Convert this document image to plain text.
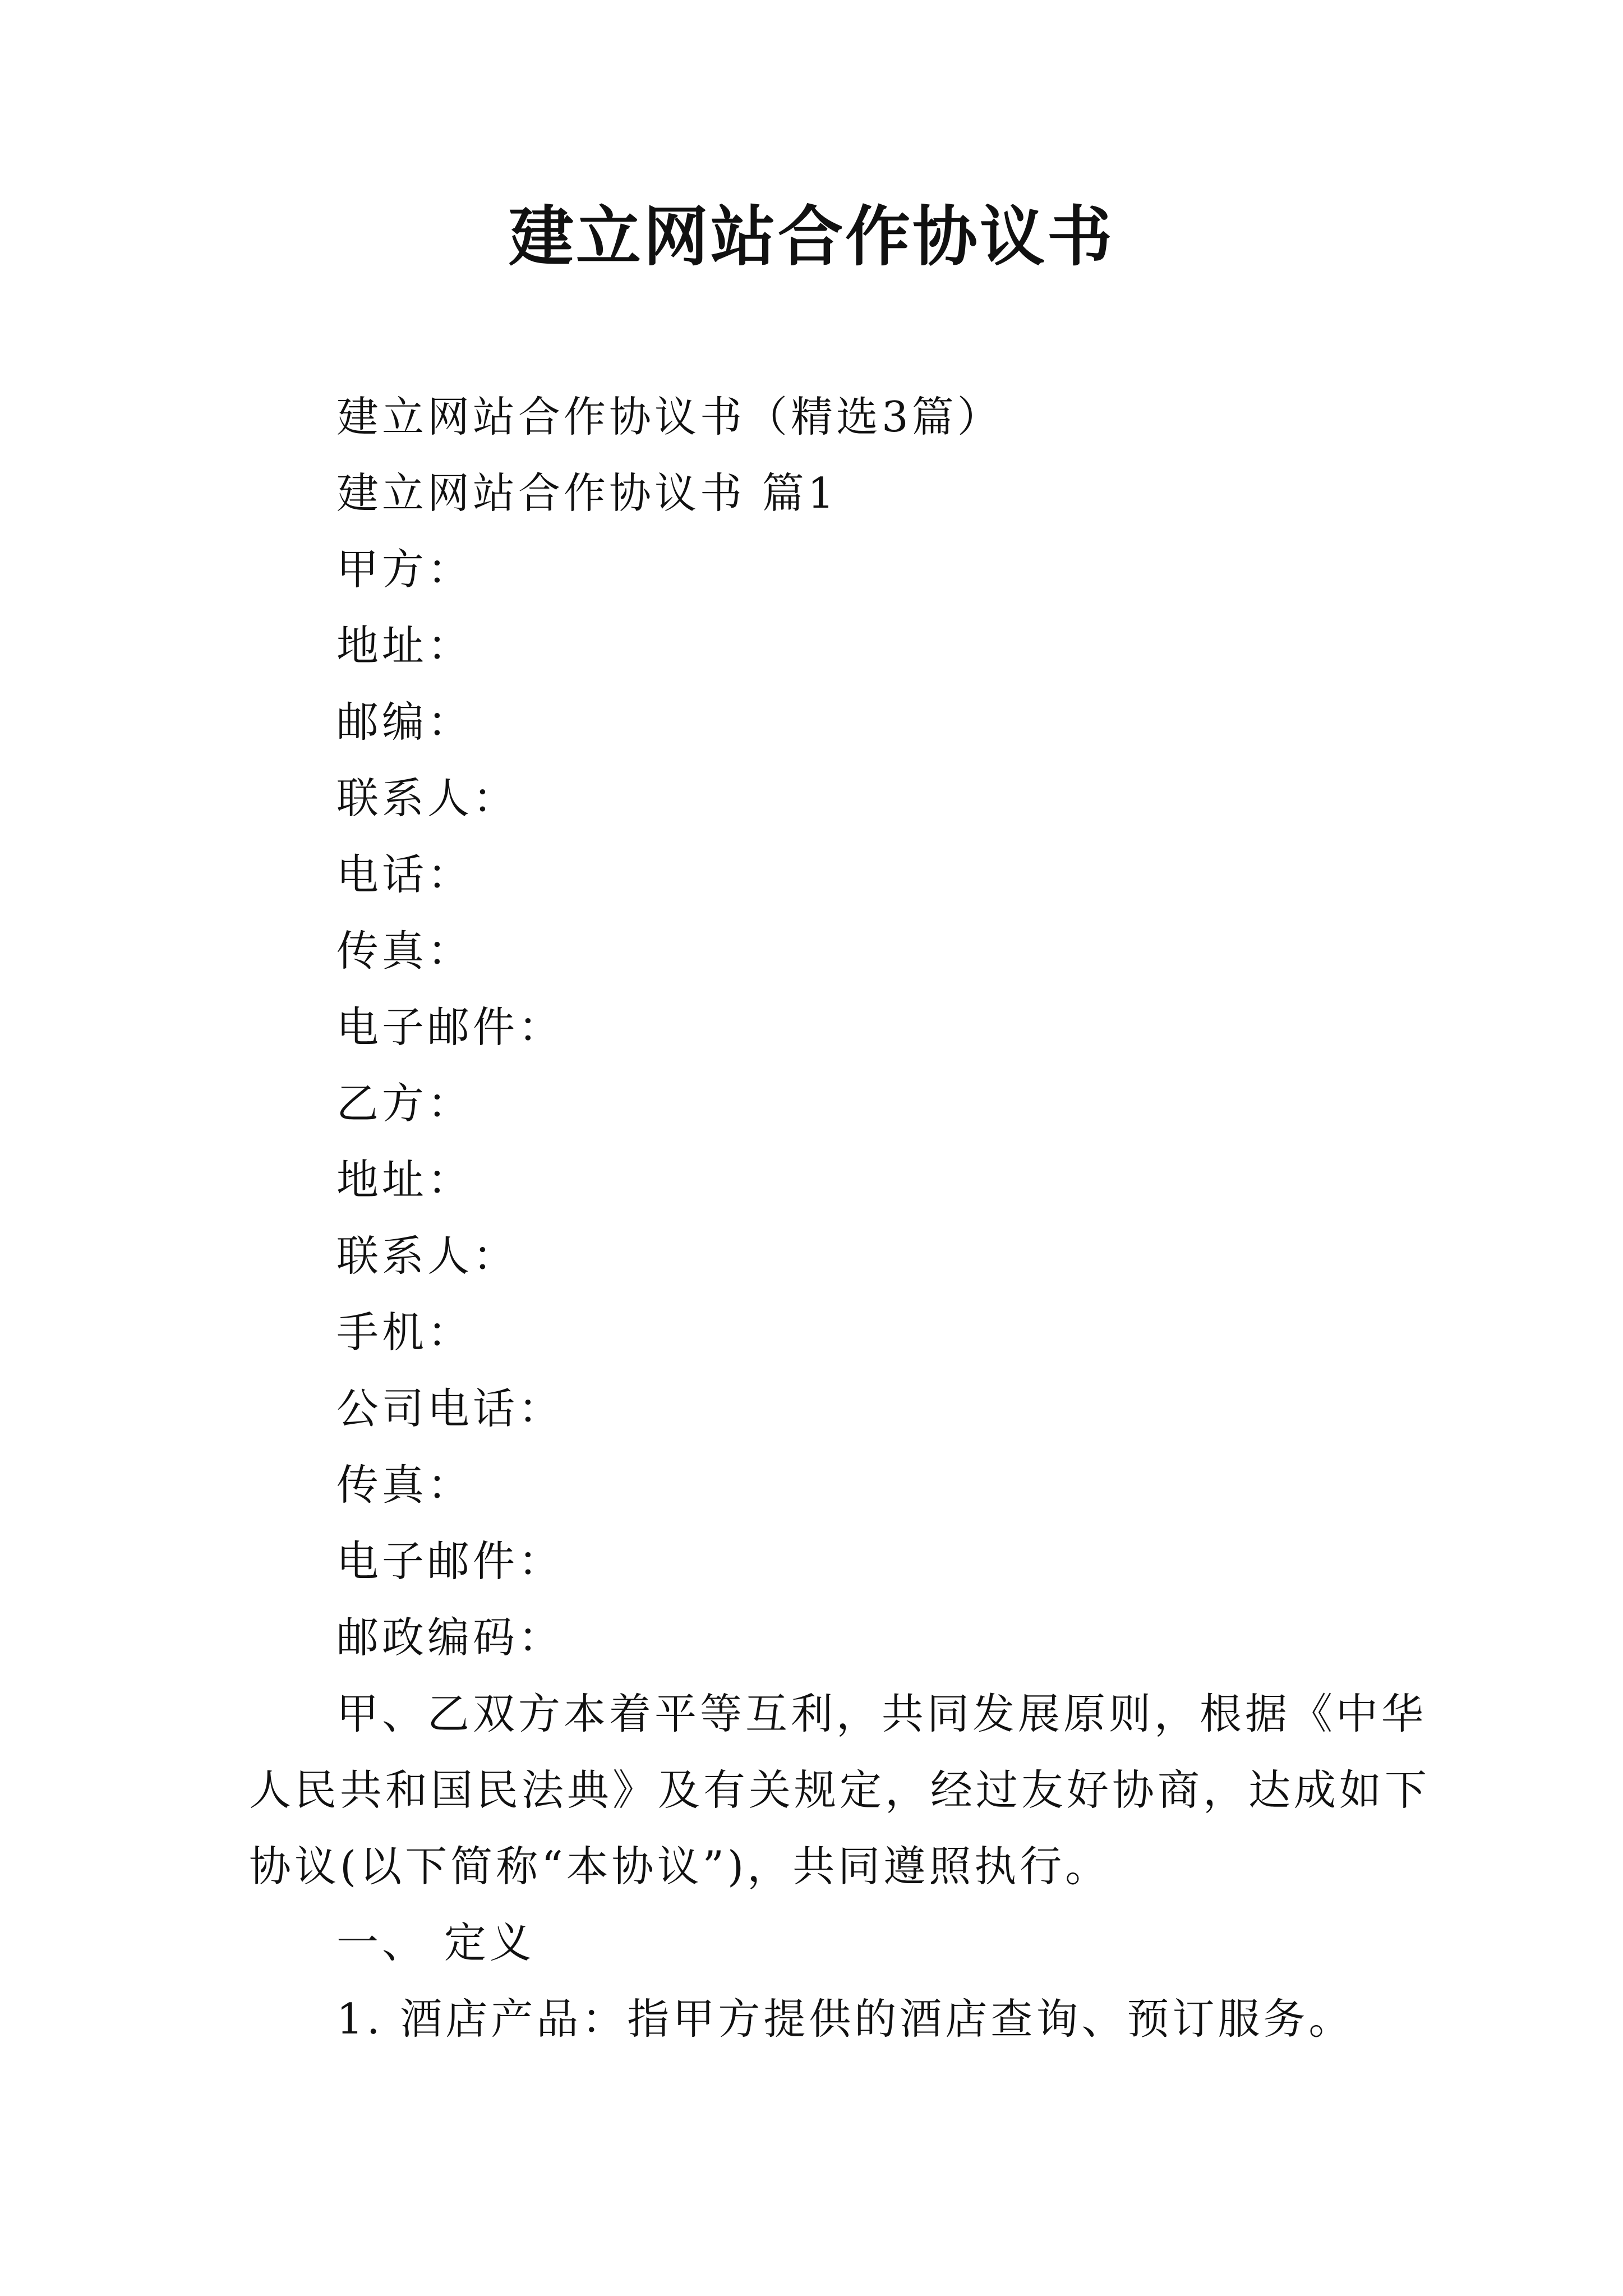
建立网站合作协议书
建立网站合作协议书（精选3篇）
建立网站合作协议书 篇1
甲方：
地址：
邮编：
联系人：
电话：
传真：
电子邮件：
乙方：
地址：
联系人：
手机：
公司电话：
传真：
电子邮件：
邮政编码：
甲、乙双方本着平等互利，共同发展原则，根据《中华
人民共和国民法典》及有关规定，经过友好协商，达成如下
协议(以下简称“本协议”)，共同遵照执行。
一、 定义
1. 酒店产品：指甲方提供的酒店查询、预订服务。
